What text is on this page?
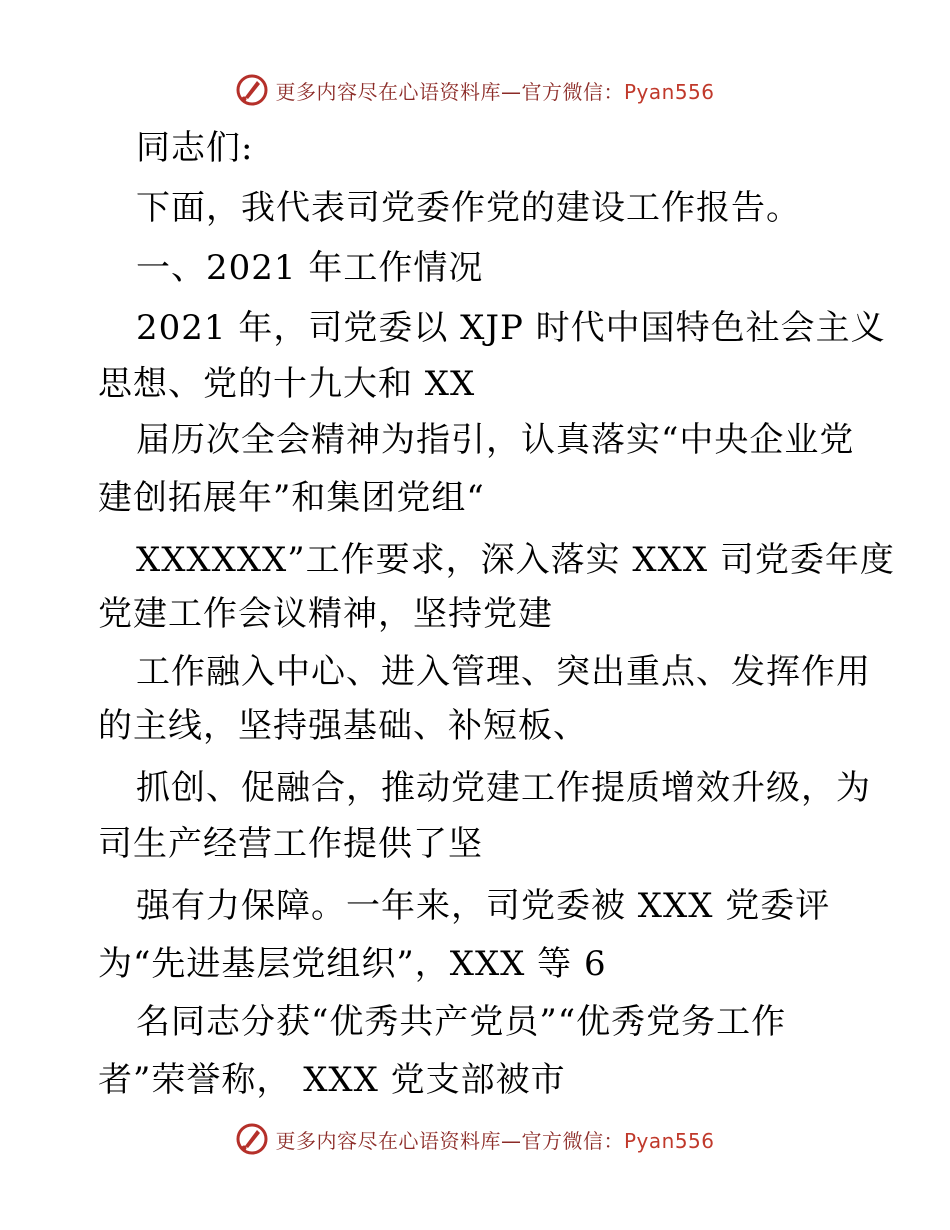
更多内容尽在心语资料库—官方微信：Pyan556
同志们:
下面，我代表司党委作党的建设工作报告。
一、2021 年工作情况
2021 年，司党委以 XJP 时代中国特色社会主义
思想、党的十九大和 XX
届历次全会精神为指引，认真落实“中央企业党
建创拓展年”和集团党组“
XXXXXX”工作要求，深入落实 XXX 司党委年度
党建工作会议精神，坚持党建
工作融入中心、进入管理、突出重点、发挥作用
的主线，坚持强基础、补短板、
抓创、促融合，推动党建工作提质增效升级，为
司生产经营工作提供了坚
强有力保障。一年来，司党委被 XXX 党委评
为“先进基层党组织”，XXX 等 6
名同志分获“优秀共产党员”“优秀党务工作
者”荣誉称， XXX 党支部被市
更多内容尽在心语资料库—官方微信：Pyan556
